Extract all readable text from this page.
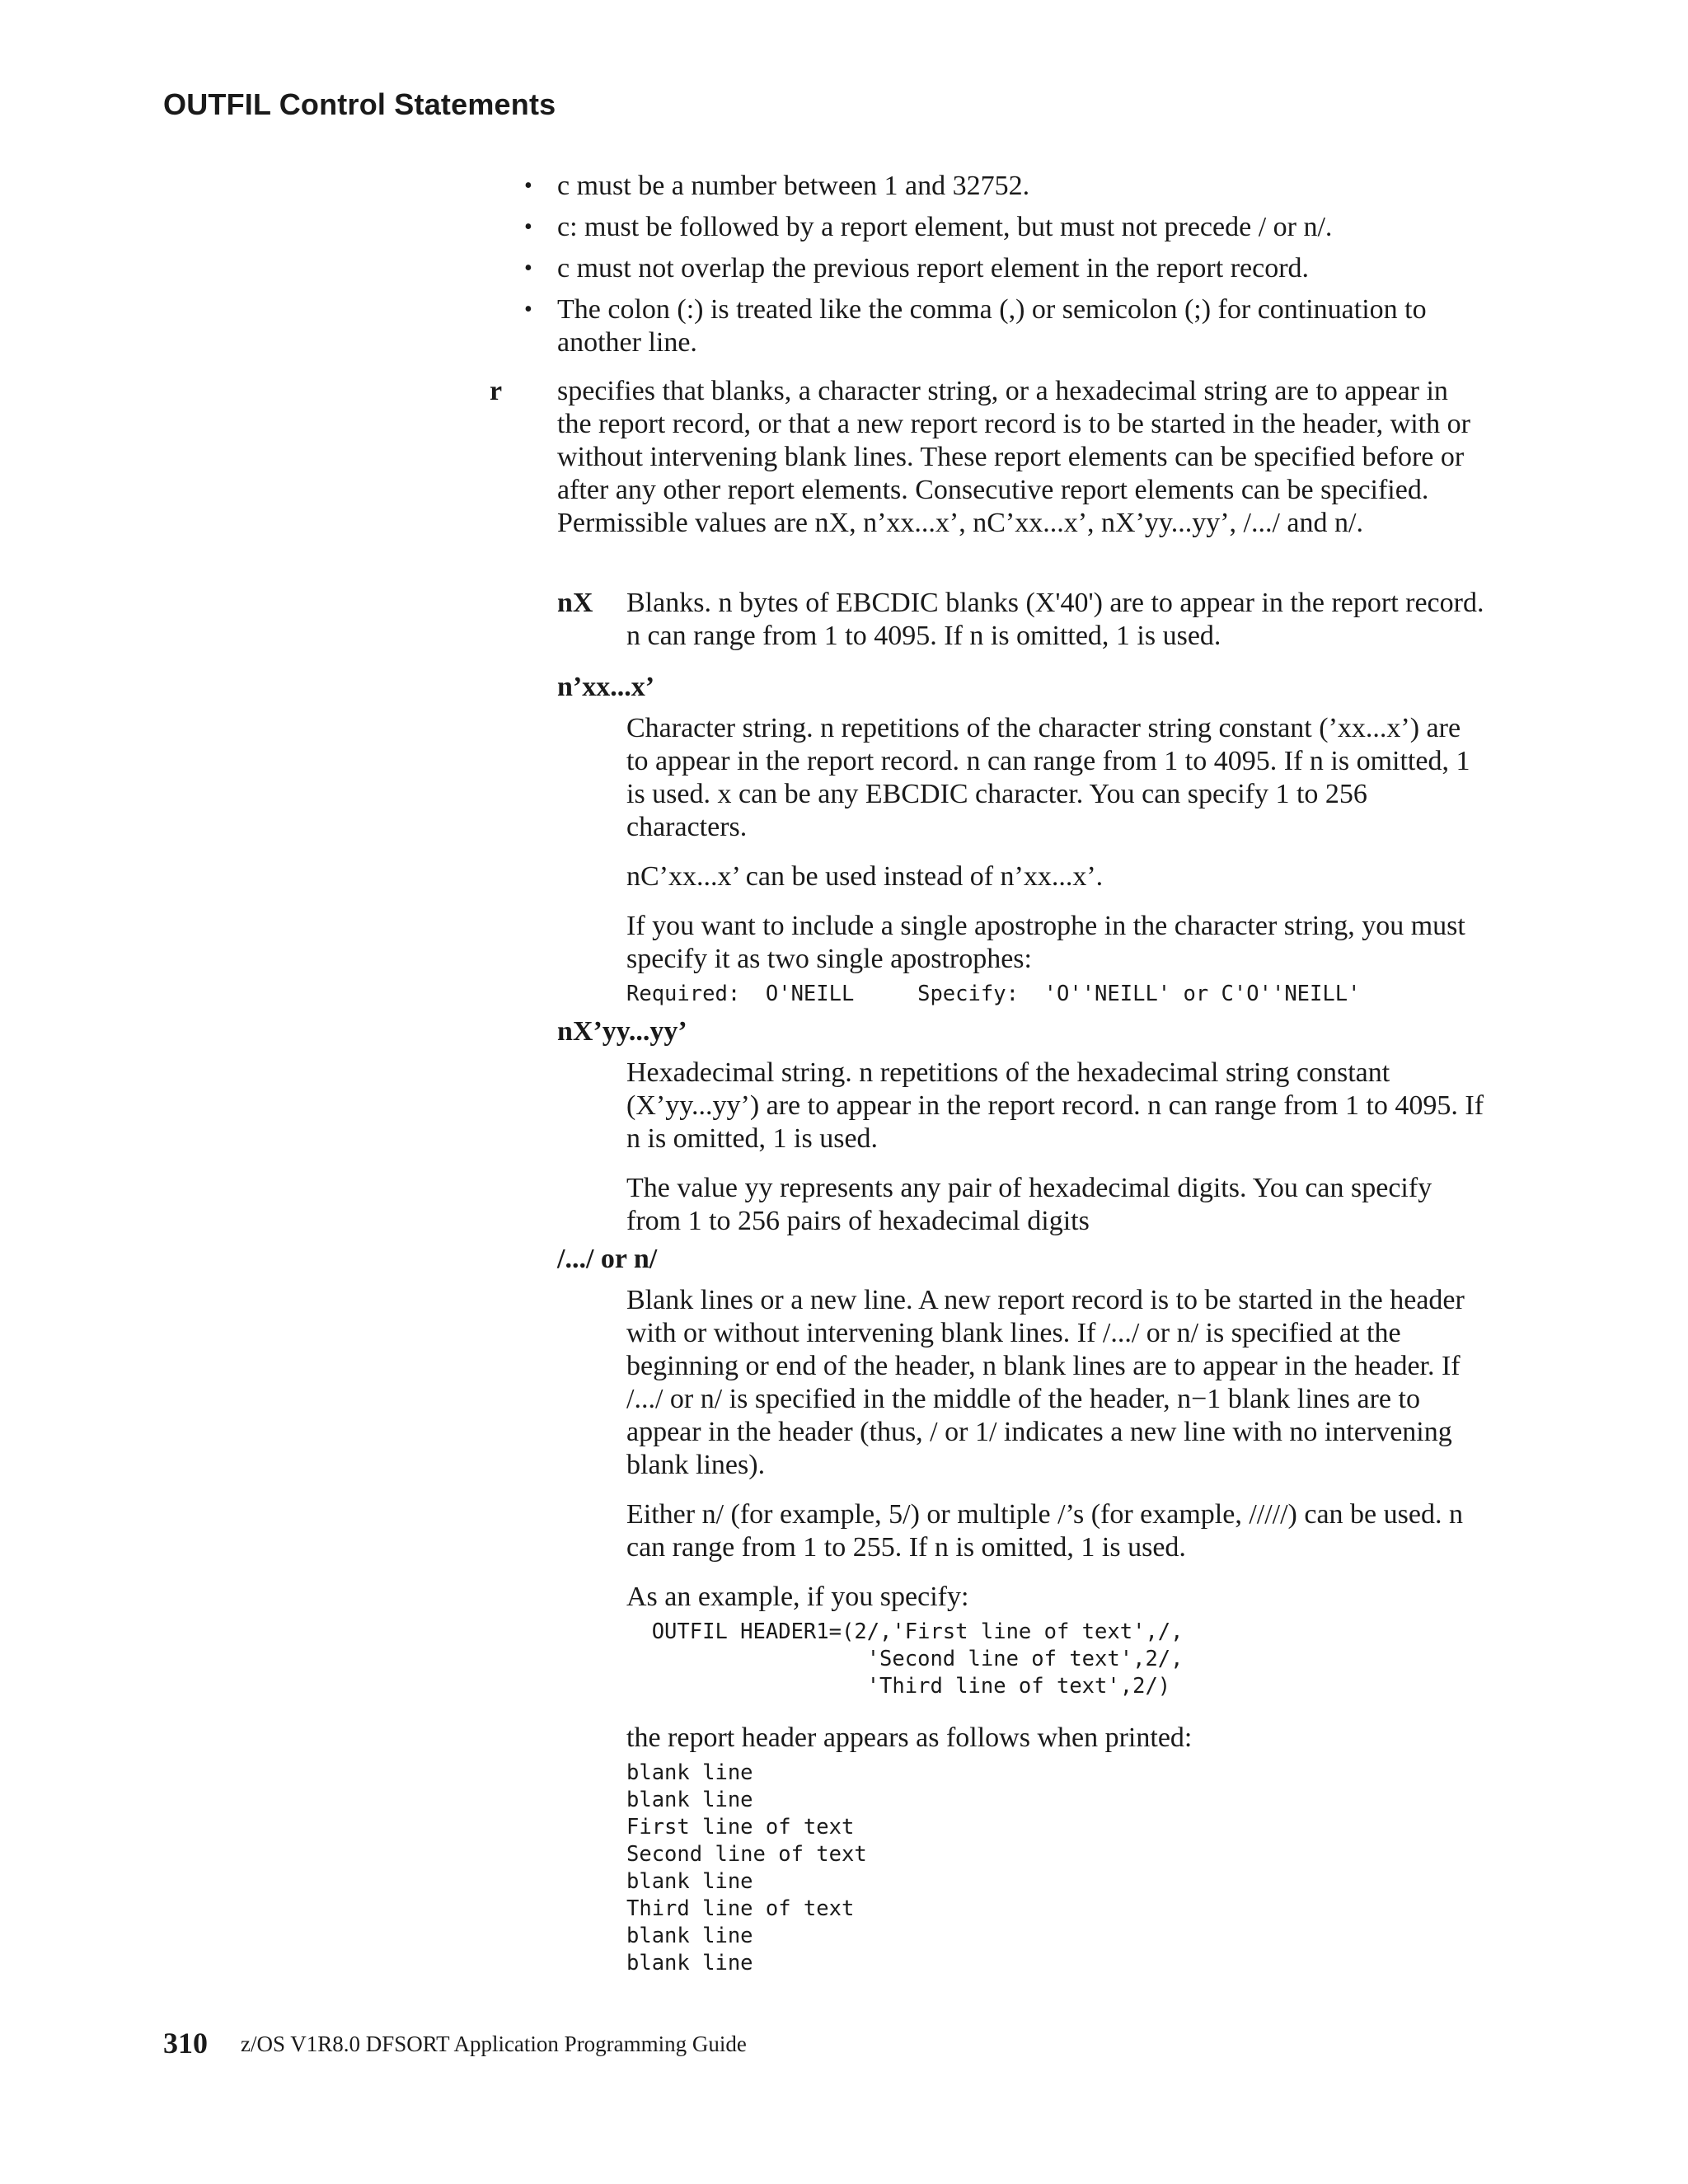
OUTFIL Control Statements
• c must be a number between 1 and 32752.
• c: must be followed by a report element, but must not precede / or n/.
• c must not overlap the previous report element in the report record.
• The colon (:) is treated like the comma (,) or semicolon (;) for continuation to another line.
r specifies that blanks, a character string, or a hexadecimal string are to appear in the report record, or that a new report record is to be started in the header, with or without intervening blank lines. These report elements can be specified before or after any other report elements. Consecutive report elements can be specified. Permissible values are nX, n’xx...x’, nC’xx...x’, nX’yy...yy’, /.../ and n/.
nX Blanks. n bytes of EBCDIC blanks (X'40') are to appear in the report record. n can range from 1 to 4095. If n is omitted, 1 is used.
n’xx...x’

Character string. n repetitions of the character string constant (’xx...x’) are to appear in the report record. n can range from 1 to 4095. If n is omitted, 1 is used. x can be any EBCDIC character. You can specify 1 to 256 characters.

nC’xx...x’ can be used instead of n’xx...x’.

If you want to include a single apostrophe in the character string, you must specify it as two single apostrophes:

Required:  O'NEILL     Specify:  'O''NEILL' or C'O''NEILL'
nX’yy...yy’

Hexadecimal string. n repetitions of the hexadecimal string constant (X’yy...yy’) are to appear in the report record. n can range from 1 to 4095. If n is omitted, 1 is used.

The value yy represents any pair of hexadecimal digits. You can specify from 1 to 256 pairs of hexadecimal digits

/.../ or n/

Blank lines or a new line. A new report record is to be started in the header with or without intervening blank lines. If /.../ or n/ is specified at the beginning or end of the header, n blank lines are to appear in the header. If /.../ or n/ is specified in the middle of the header, n−1 blank lines are to appear in the header (thus, / or 1/ indicates a new line with no intervening blank lines).

Either n/ (for example, 5/) or multiple /’s (for example, /////) can be used. n can range from 1 to 255. If n is omitted, 1 is used.

As an example, if you specify:

OUTFIL HEADER1=(2/,'First line of text',/,
'Second line of text',2/,
'Third line of text',2/)

the report header appears as follows when printed:

blank line
blank line
First line of text
Second line of text
blank line
Third line of text
blank line
blank line
310 z/OS V1R8.0 DFSORT Application Programming Guide
